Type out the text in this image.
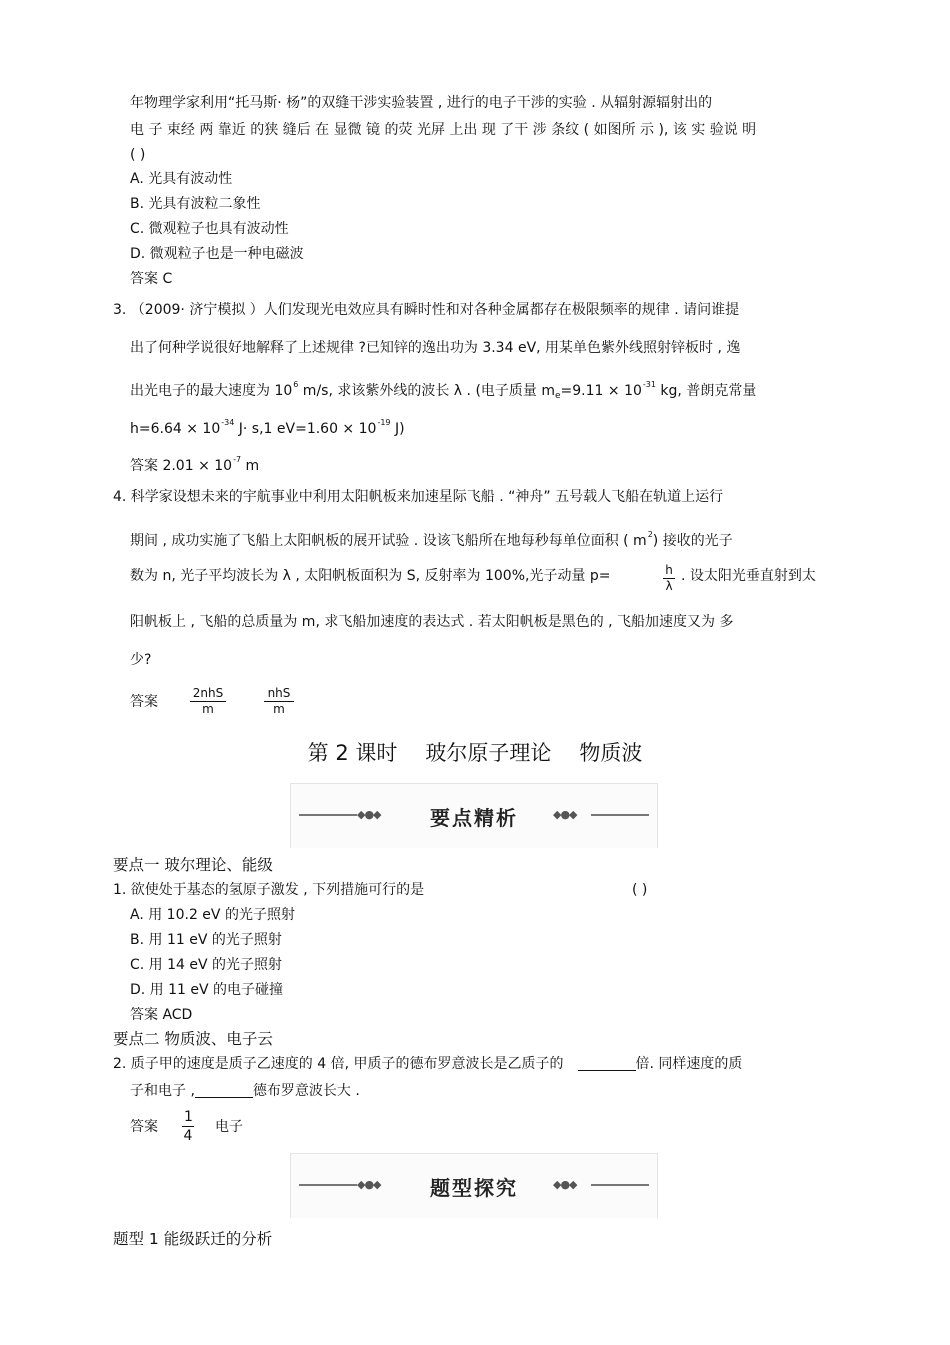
年物理学家利用“托马斯· 杨”的双缝干涉实验装置 , 进行的电子干涉的实验 . 从辐射源辐射出的
电 子 束经 两 靠近 的狭 缝后 在 显微 镜 的荧 光屏 上出 现 了干 涉 条纹 ( 如图所 示 ), 该 实 验说 明
( )
A. 光具有波动性
B. 光具有波粒二象性
C. 微观粒子也具有波动性
D. 微观粒子也是一种电磁波
答案 C
3. （2009· 济宁模拟 ）人们发现光电效应具有瞬时性和对各种金属都存在极限频率的规律 . 请问谁提
出了何种学说很好地解释了上述规律 ?已知锌的逸出功为 3.34 eV, 用某单色紫外线照射锌板时 , 逸
出光电子的最大速度为 $10^6$ m/s, 求该紫外线的波长 λ . (电子质量 $m_e=9.11 \times 10^{-31}$ kg, 普朗克常量
$h=6.64 \times 10^{-34}$ J· s,1 $eV=1.60 \times 10^{-19}$ J)
答案 $2.01 \times 10^{-7}$ m
4. 科学家设想未来的宇航事业中利用太阳帆板来加速星际飞船 . “神舟” 五号载人飞船在轨道上运行
期间 , 成功实施了飞船上太阳帆板的展开试验 . 设该飞船所在地每秒每单位面积 ( $m^2$) 接收的光子
数为 n, 光子平均波长为 λ , 太阳帆板面积为 S, 反射率为 100%,光子动量 p=	$\frac{h}{\lambda}$ . 设太阳光垂直射到太
阳帆板上 , 飞船的总质量为 m, 求飞船加速度的表达式 . 若太阳帆板是黑色的 , 飞船加速度又为 多
少?
答案
2nhS
m
nhS
m
第 2 课时 玻尔原子理论 物质波
◆●◆	要点精析	◆●◆
要点一 玻尔理论、能级
1. 欲使处于基态的氢原子激发 , 下列措施可行的是	( )
A. 用 10.2 eV 的光子照射
B. 用 11 eV 的光子照射
C. 用 14 eV 的光子照射
D. 用 11 eV 的电子碰撞
答案 ACD
要点二 物质波、电子云
2. 质子甲的速度是质子乙速度的 4 倍, 甲质子的德布罗意波长是乙质子的	倍. 同样速度的质
子和电子 ,	德布罗意波长大 .
答案 $\frac{1}{4}$ 电子
◆●◆	题型探究	◆●◆
题型 1 能级跃迁的分析
